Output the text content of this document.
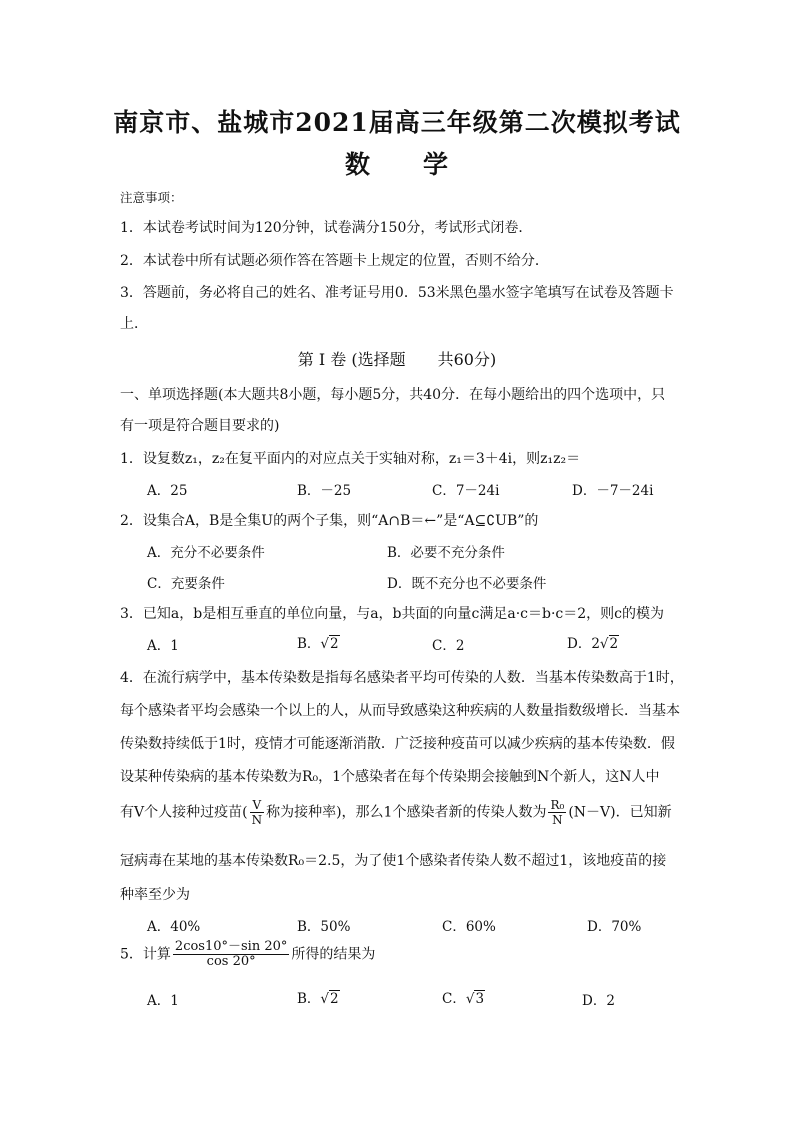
南京市、盐城市2021届高三年级第二次模拟考试
数　　学
注意事项：
1．本试卷考试时间为120分钟，试卷满分150分，考试形式闭卷．
2．本试卷中所有试题必须作答在答题卡上规定的位置，否则不给分．
3．答题前，务必将自己的姓名、准考证号用0．53米黑色墨水签字笔填写在试卷及答题卡
上．
第 I 卷 (选择题　　共60分)
一、单项选择题(本大题共8小题，每小题5分，共40分．在每小题给出的四个选项中，只
有一项是符合题目要求的)
1．设复数z₁，z₂在复平面内的对应点关于实轴对称，z₁＝3＋4i，则z₁z₂＝
A．25	B．－25	C．7－24i	D．－7－24i
2．设集合A，B是全集U的两个子集，则“A∩B＝←”是“A⊆∁UB”的
A．充分不必要条件	B．必要不充分条件
C．充要条件	D．既不充分也不必要条件
3．已知a，b是相互垂直的单位向量，与a，b共面的向量c满足a·c＝b·c＝2，则c的模为
A．1	B．√2	C．2	D．2√2
4．在流行病学中，基本传染数是指每名感染者平均可传染的人数．当基本传染数高于1时，
每个感染者平均会感染一个以上的人，从而导致感染这种疾病的人数量指数级增长．当基本
传染数持续低于1时，疫情才可能逐渐消散．广泛接种疫苗可以减少疾病的基本传染数．假
设某种传染病的基本传染数为R₀，1个感染者在每个传染期会接触到N个新人，这N人中
有V个人接种过疫苗( $\frac{V}{N}$ 称为接种率)，那么1个感染者新的传染人数为 $\frac{\text{R₀}}{N} (N-V)$．已知新
冠病毒在某地的基本传染数R₀＝2.5，为了使1个感染者传染人数不超过1，该地疫苗的接
种率至少为
A．40%	B．50%	C．60%	D．70%
5．计算 $\frac{2\cos 10^\circ-\sin 20^\circ}{\cos 20^\circ}$ 所得的结果为
A．1	B．√2	C．√3	D．2
